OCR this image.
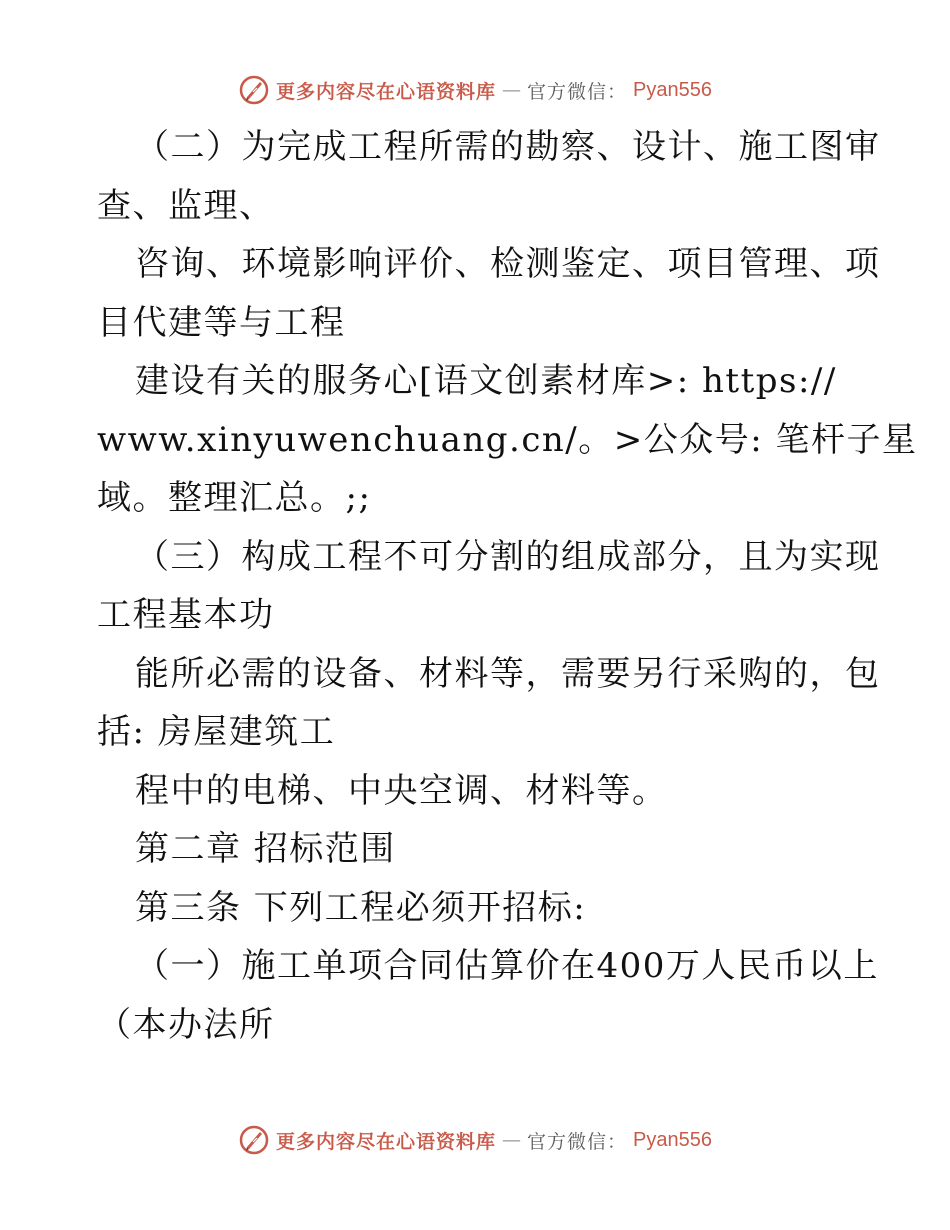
更多内容尽在心语资料库 — 官方微信： Pyan556
（二）为完成工程所需的勘察、设计、施工图审
查、监理、
咨询、环境影响评价、检测鉴定、项目管理、项
目代建等与工程
建设有关的服务心[语文创素材库>: https://
www.xinyuwenchuang.cn/。>公众号: 笔杆子星
域。整理汇总。;;
（三）构成工程不可分割的组成部分，且为实现
工程基本功
能所必需的设备、材料等，需要另行采购的，包
括: 房屋建筑工
程中的电梯、中央空调、材料等。
第二章 招标范围
第三条 下列工程必须开招标:
（一）施工单项合同估算价在400万人民币以上
（本办法所
更多内容尽在心语资料库 — 官方微信： Pyan556
